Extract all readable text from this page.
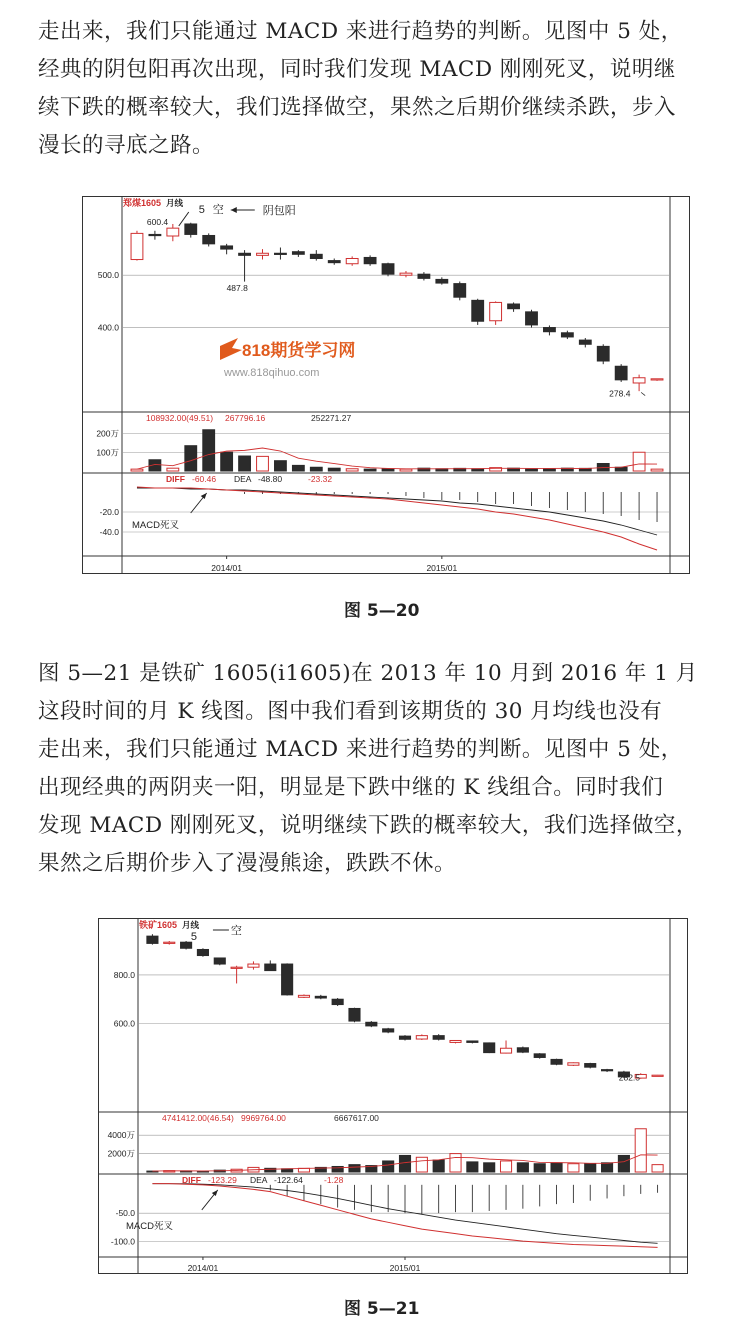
走出来，我们只能通过 MACD 来进行趋势的判断。见图中 5 处，

经典的阴包阳再次出现，同时我们发现 MACD 刚刚死叉，说明继

续下跌的概率较大，我们选择做空，果然之后期价继续杀跌，步入

漫长的寻底之路。

500.0
400.0
郑煤1605 月线
200万
100万
108932.00(49.51) 267796.16	252271.27
-20.0
-40.0
DIFF -60.46 DEA -48.80	-23.32
2014/01	2015/01
5 空	阴包阳
600.4
487.8
278.4
MACD死叉
818期货学习网
www.818qihuo.com
图 5—20

图 5—21 是铁矿 1605(i1605)在 2013 年 10 月到 2016 年 1 月

这段时间的月 K 线图。图中我们看到该期货的 30 月均线也没有

走出来，我们只能通过 MACD 来进行趋势的判断。见图中 5 处，

出现经典的两阴夹一阳，明显是下跌中继的 K 线组合。同时我们

发现 MACD 刚刚死叉，说明继续下跌的概率较大，我们选择做空，

果然之后期价步入了漫漫熊途，跌跌不休。

800.0
600.0
铁矿1605 月线
4000万
2000万
4741412.00(46.54) 9969764.00	6667617.00
-50.0
-100.0
DIFF -123.29 DEA -122.64 -1.28
2014/01	2015/01
5	空
282.5
MACD死叉
图 5—21
